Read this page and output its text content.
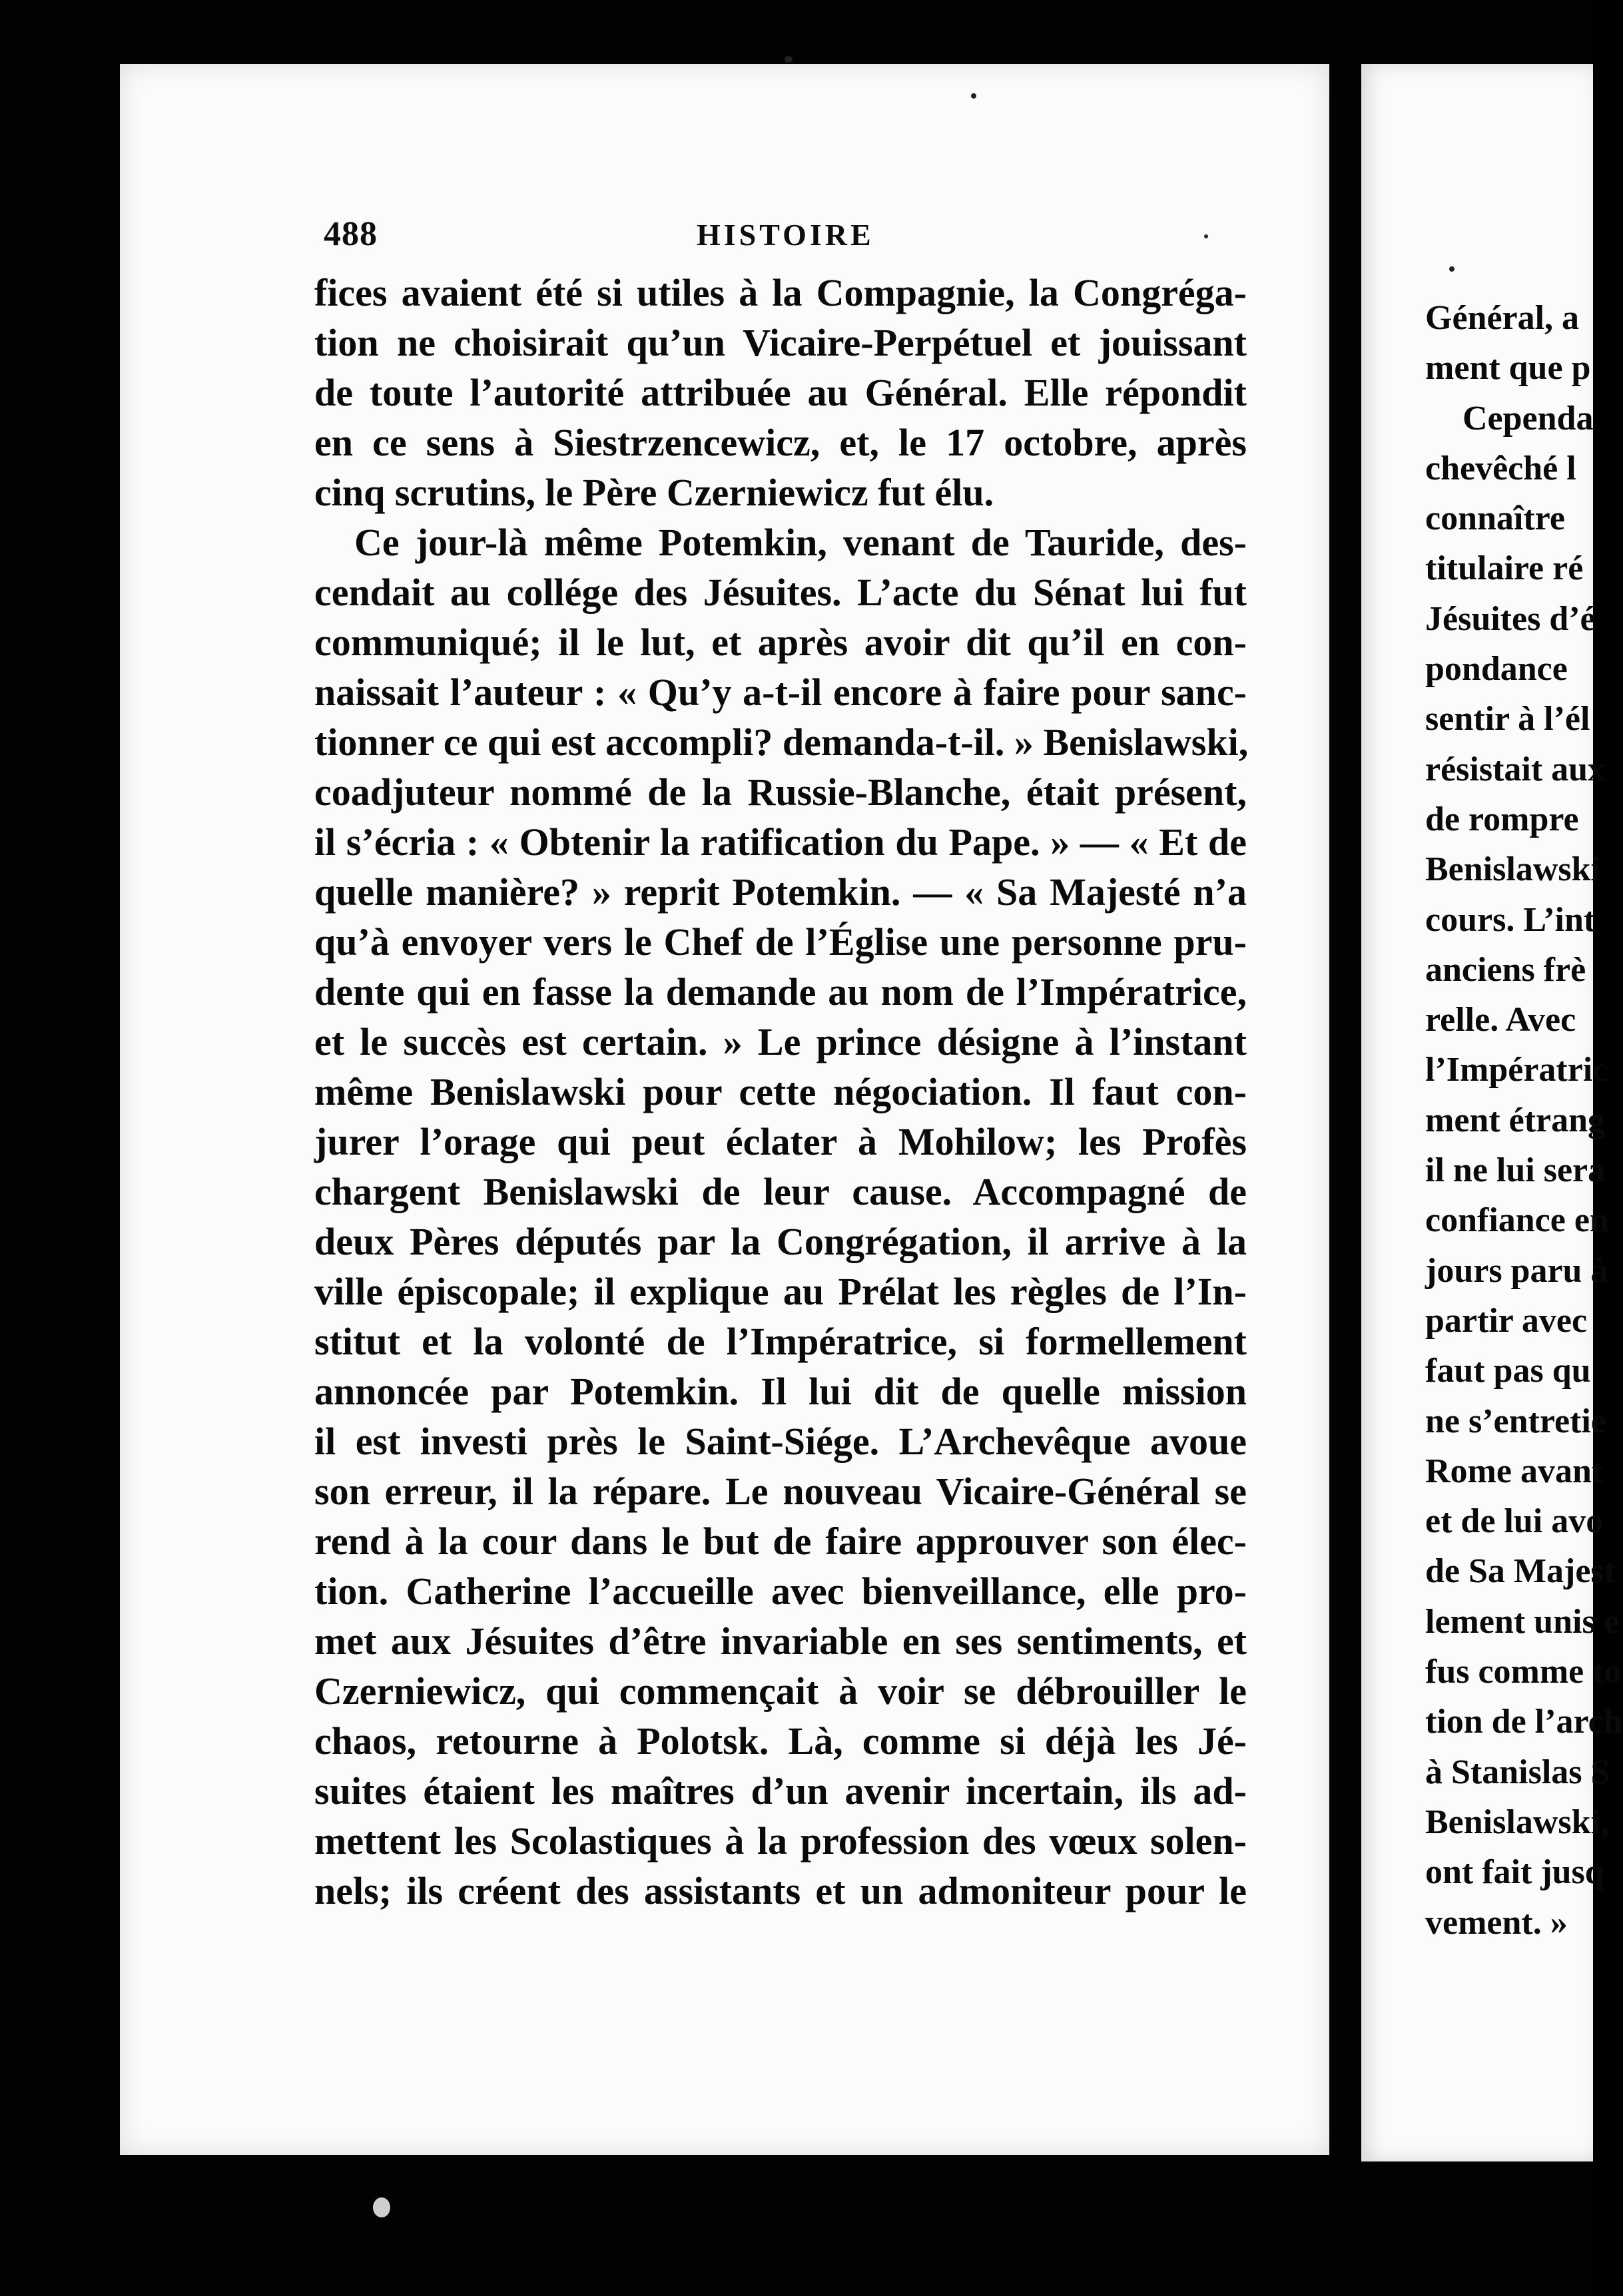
488	HISTOIRE
fices avaient été si utiles à la Compagnie, la Congréga-
tion ne choisirait qu’un Vicaire-Perpétuel et jouissant
de toute l’autorité attribuée au Général. Elle répondit
en ce sens à Siestrzencewicz, et, le 17 octobre, après
cinq scrutins, le Père Czerniewicz fut élu.
Ce jour-là même Potemkin, venant de Tauride, des-
cendait au collége des Jésuites. L’acte du Sénat lui fut
communiqué; il le lut, et après avoir dit qu’il en con-
naissait l’auteur : « Qu’y a-t-il encore à faire pour sanc-
tionner ce qui est accompli? demanda-t-il. » Benislawski,
coadjuteur nommé de la Russie-Blanche, était présent,
il s’écria : « Obtenir la ratification du Pape. » — « Et de
quelle manière? » reprit Potemkin. — « Sa Majesté n’a
qu’à envoyer vers le Chef de l’Église une personne pru-
dente qui en fasse la demande au nom de l’Impératrice,
et le succès est certain. » Le prince désigne à l’instant
même Benislawski pour cette négociation. Il faut con-
jurer l’orage qui peut éclater à Mohilow; les Profès
chargent Benislawski de leur cause. Accompagné de
deux Pères députés par la Congrégation, il arrive à la
ville épiscopale; il explique au Prélat les règles de l’In-
stitut et la volonté de l’Impératrice, si formellement
annoncée par Potemkin. Il lui dit de quelle mission
il est investi près le Saint-Siége. L’Archevêque avoue
son erreur, il la répare. Le nouveau Vicaire-Général se
rend à la cour dans le but de faire approuver son élec-
tion. Catherine l’accueille avec bienveillance, elle pro-
met aux Jésuites d’être invariable en ses sentiments, et
Czerniewicz, qui commençait à voir se débrouiller le
chaos, retourne à Polotsk. Là, comme si déjà les Jé-
suites étaient les maîtres d’un avenir incertain, ils ad-
mettent les Scolastiques à la profession des vœux solen-
nels; ils créent des assistants et un admoniteur pour le
Général, a
ment que p
Cependa
chevêché l
connaître
titulaire ré
Jésuites d’é
pondance
sentir à l’él
résistait aux
de rompre
Benislawski
cours. L’int
anciens frè
relle. Avec
l’Impératric
ment étrang
il ne lui sera
confiance en
jours paru à
partir avec
faut pas qu
ne s’entretie
Rome avant
et de lui avo
de Sa Majest
lement unis e
fus comme to
tion de l’arch
à Stanislas S
Benislawski,
ont fait jusq
vement. »
